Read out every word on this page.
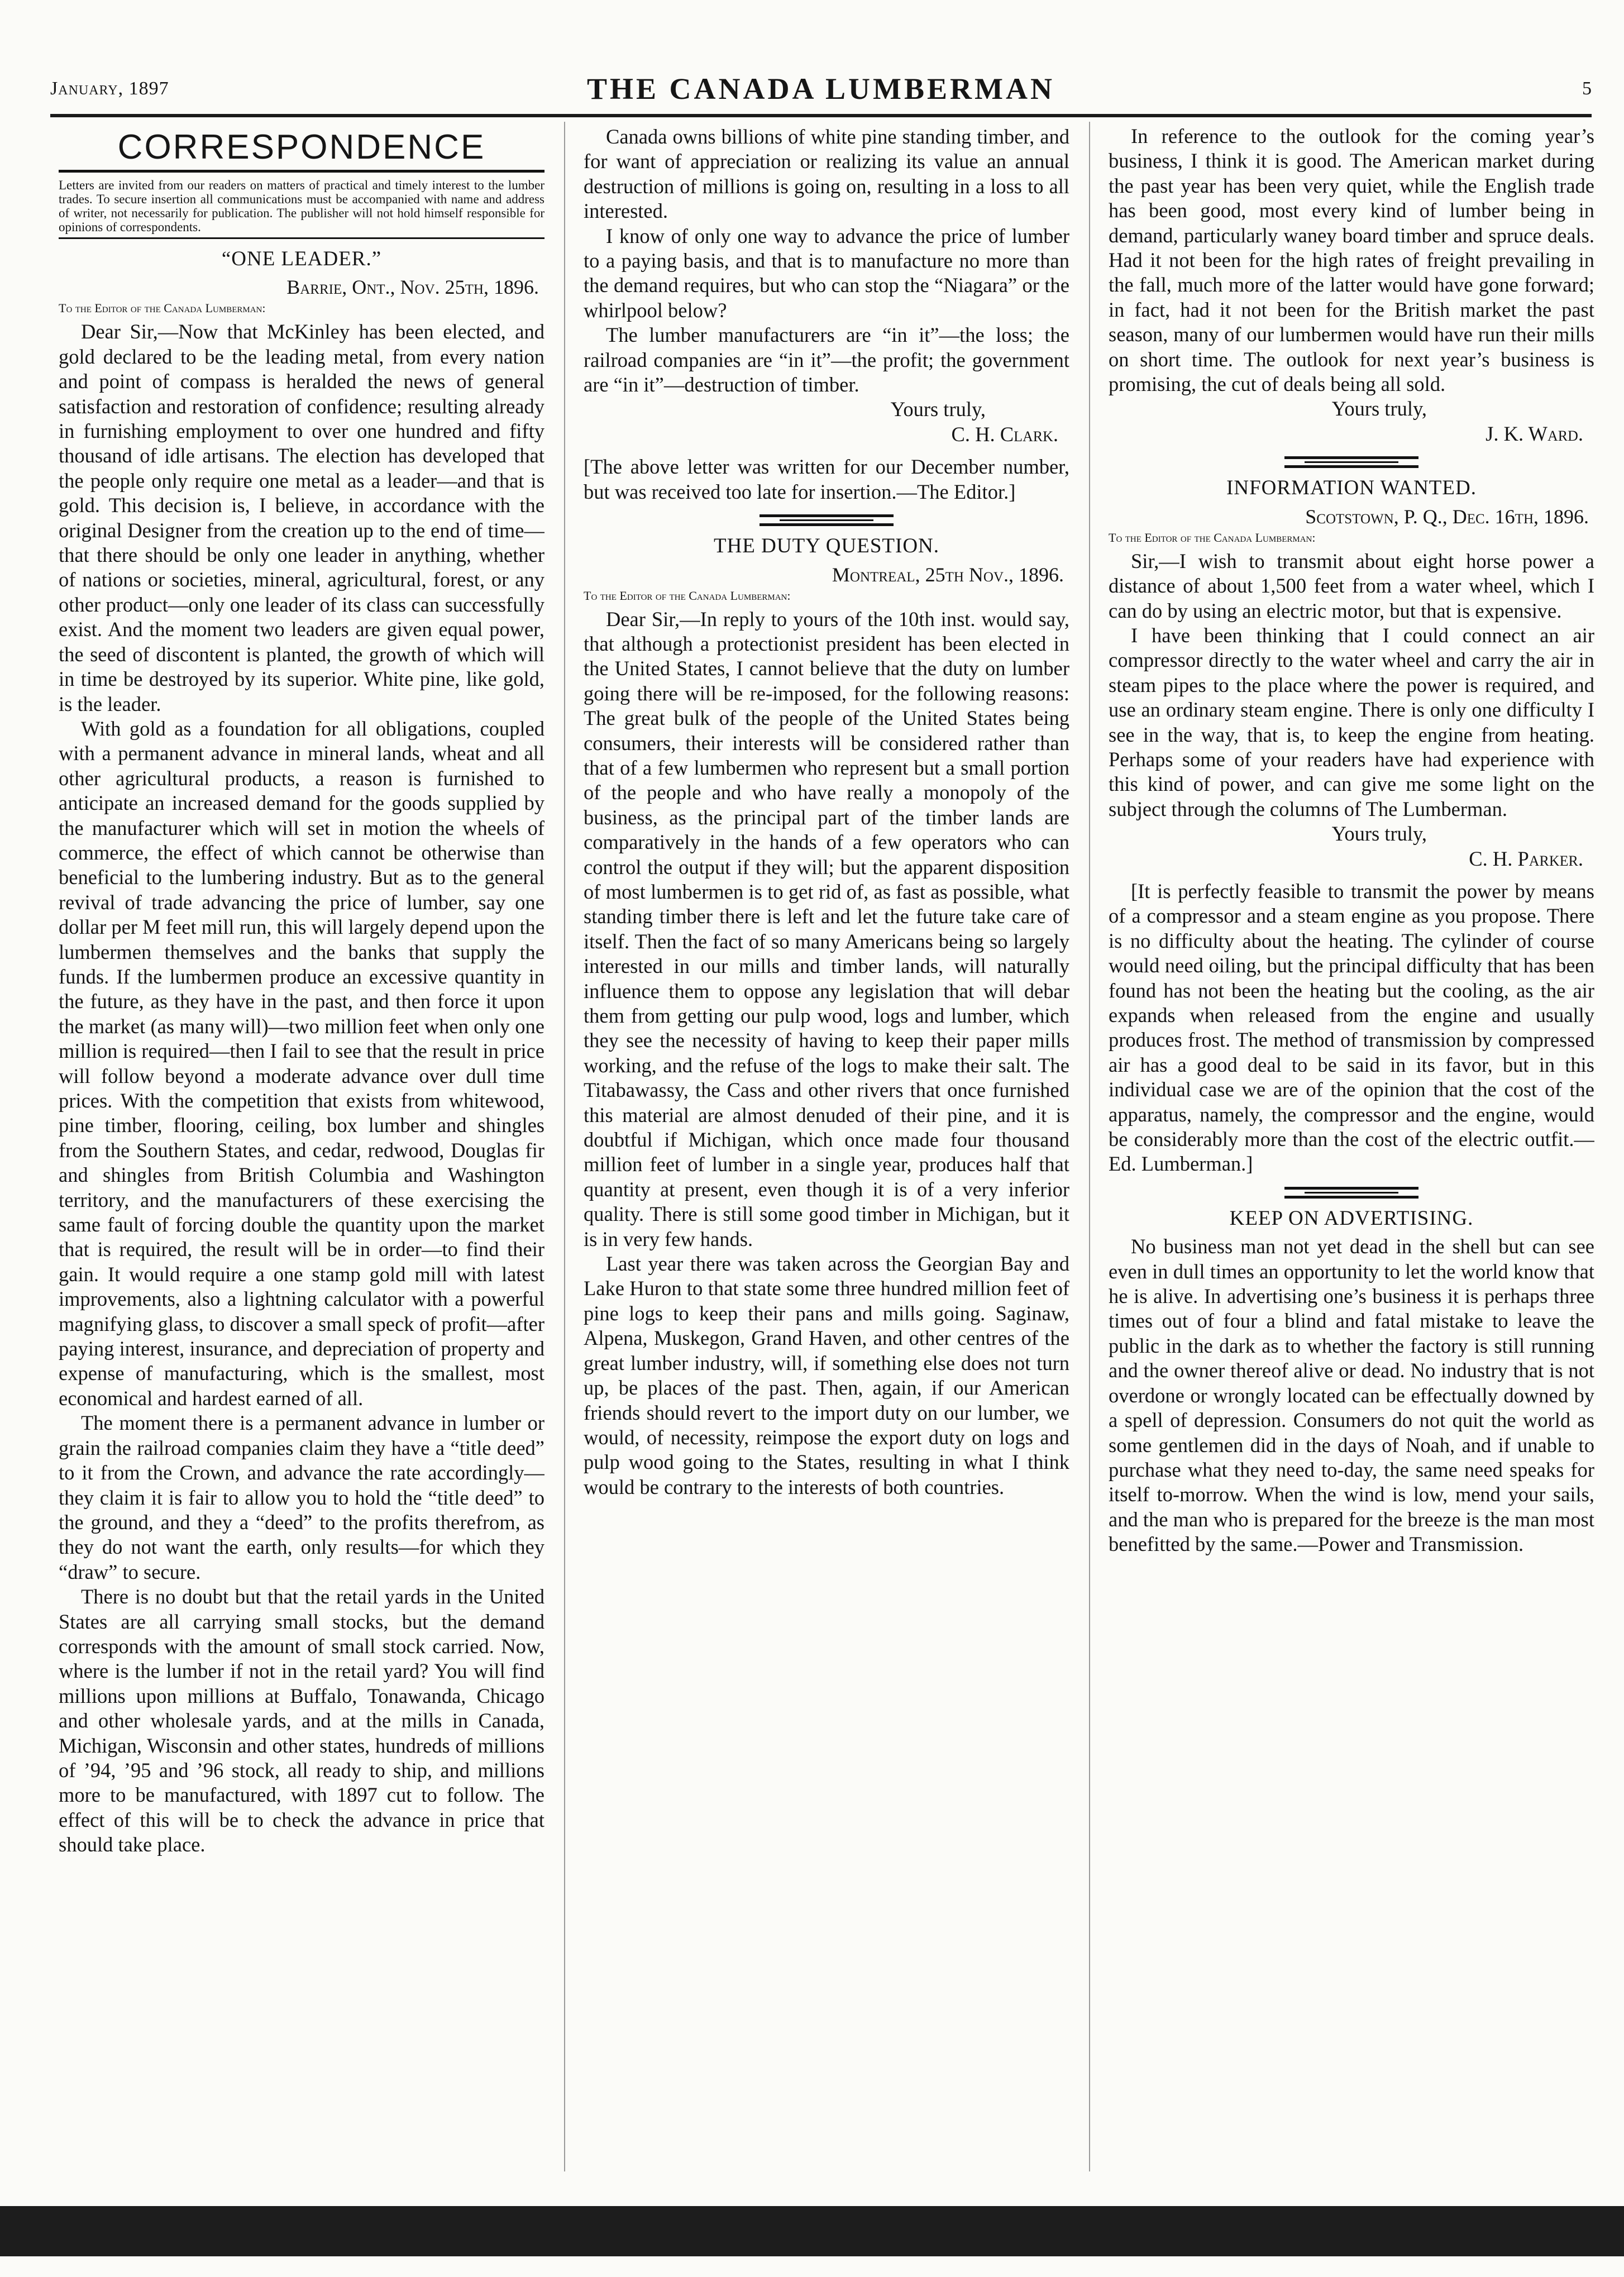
January, 1897	THE CANADA LUMBERMAN	5
CORRESPONDENCE
Letters are invited from our readers on matters of practical and timely interest to the lumber trades. To secure insertion all communications must be accompanied with name and address of writer, not necessarily for publication. The publisher will not hold himself responsible for opinions of correspondents.
“ONE LEADER.”
Barrie, Ont., Nov. 25th, 1896.
To the Editor of the Canada Lumberman:

Dear Sir,—Now that McKinley has been elected, and gold declared to be the leading metal, from every nation and point of compass is heralded the news of general satisfaction and restoration of confidence; resulting already in furnishing employment to over one hundred and fifty thousand of idle artisans. The election has developed that the people only require one metal as a leader—and that is gold. This decision is, I believe, in accordance with the original Designer from the creation up to the end of time—that there should be only one leader in anything, whether of nations or societies, mineral, agricultural, forest, or any other product—only one leader of its class can successfully exist. And the moment two leaders are given equal power, the seed of discontent is planted, the growth of which will in time be destroyed by its superior. White pine, like gold, is the leader.

With gold as a foundation for all obligations, coupled with a permanent advance in mineral lands, wheat and all other agricultural products, a reason is furnished to anticipate an increased demand for the goods supplied by the manufacturer which will set in motion the wheels of commerce, the effect of which cannot be otherwise than beneficial to the lumbering industry. But as to the general revival of trade advancing the price of lumber, say one dollar per M feet mill run, this will largely depend upon the lumbermen themselves and the banks that supply the funds. If the lumbermen produce an excessive quantity in the future, as they have in the past, and then force it upon the market (as many will)—two million feet when only one million is required—then I fail to see that the result in price will follow beyond a moderate advance over dull time prices. With the competition that exists from whitewood, pine timber, flooring, ceiling, box lumber and shingles from the Southern States, and cedar, redwood, Douglas fir and shingles from British Columbia and Washington territory, and the manufacturers of these exercising the same fault of forcing double the quantity upon the market that is required, the result will be in order—to find their gain. It would require a one stamp gold mill with latest improvements, also a lightning calculator with a powerful magnifying glass, to discover a small speck of profit—after paying interest, insurance, and depreciation of property and expense of manufacturing, which is the smallest, most economical and hardest earned of all.

The moment there is a permanent advance in lumber or grain the railroad companies claim they have a “title deed” to it from the Crown, and advance the rate accordingly—they claim it is fair to allow you to hold the “title deed” to the ground, and they a “deed” to the profits therefrom, as they do not want the earth, only results—for which they “draw” to secure.

There is no doubt but that the retail yards in the United States are all carrying small stocks, but the demand corresponds with the amount of small stock carried. Now, where is the lumber if not in the retail yard? You will find millions upon millions at Buffalo, Tonawanda, Chicago and other wholesale yards, and at the mills in Canada, Michigan, Wisconsin and other states, hundreds of millions of ’94, ’95 and ’96 stock, all ready to ship, and millions more to be manufactured, with 1897 cut to follow. The effect of this will be to check the advance in price that should take place.

Canada owns billions of white pine standing timber, and for want of appreciation or realizing its value an annual destruction of millions is going on, resulting in a loss to all interested.

I know of only one way to advance the price of lumber to a paying basis, and that is to manufacture no more than the demand requires, but who can stop the “Niagara” or the whirlpool below?

The lumber manufacturers are “in it”—the loss; the railroad companies are “in it”—the profit; the government are “in it”—destruction of timber.

Yours truly,
C. H. Clark.

[The above letter was written for our December number, but was received too late for insertion.—The Editor.]

THE DUTY QUESTION.
Montreal, 25th Nov., 1896.
To the Editor of the Canada Lumberman:

Dear Sir,—In reply to yours of the 10th inst. would say, that although a protectionist president has been elected in the United States, I cannot believe that the duty on lumber going there will be re-imposed, for the following reasons: The great bulk of the people of the United States being consumers, their interests will be considered rather than that of a few lumbermen who represent but a small portion of the people and who have really a monopoly of the business, as the principal part of the timber lands are comparatively in the hands of a few operators who can control the output if they will; but the apparent disposition of most lumbermen is to get rid of, as fast as possible, what standing timber there is left and let the future take care of itself. Then the fact of so many Americans being so largely interested in our mills and timber lands, will naturally influence them to oppose any legislation that will debar them from getting our pulp wood, logs and lumber, which they see the necessity of having to keep their paper mills working, and the refuse of the logs to make their salt. The Titabawassy, the Cass and other rivers that once furnished this material are almost denuded of their pine, and it is doubtful if Michigan, which once made four thousand million feet of lumber in a single year, produces half that quantity at present, even though it is of a very inferior quality. There is still some good timber in Michigan, but it is in very few hands.

Last year there was taken across the Georgian Bay and Lake Huron to that state some three hundred million feet of pine logs to keep their pans and mills going. Saginaw, Alpena, Muskegon, Grand Haven, and other centres of the great lumber industry, will, if something else does not turn up, be places of the past. Then, again, if our American friends should revert to the import duty on our lumber, we would, of necessity, reimpose the export duty on logs and pulp wood going to the States, resulting in what I think would be contrary to the interests of both countries.

In reference to the outlook for the coming year’s business, I think it is good. The American market during the past year has been very quiet, while the English trade has been good, most every kind of lumber being in demand, particularly waney board timber and spruce deals. Had it not been for the high rates of freight prevailing in the fall, much more of the latter would have gone forward; in fact, had it not been for the British market the past season, many of our lumbermen would have run their mills on short time. The outlook for next year’s business is promising, the cut of deals being all sold.

Yours truly,
J. K. Ward.
INFORMATION WANTED.
Scotstown, P. Q., Dec. 16th, 1896.
To the Editor of the Canada Lumberman:

Sir,—I wish to transmit about eight horse power a distance of about 1,500 feet from a water wheel, which I can do by using an electric motor, but that is expensive.

I have been thinking that I could connect an air compressor directly to the water wheel and carry the air in steam pipes to the place where the power is required, and use an ordinary steam engine. There is only one difficulty I see in the way, that is, to keep the engine from heating. Perhaps some of your readers have had experience with this kind of power, and can give me some light on the subject through the columns of The Lumberman.

Yours truly,
C. H. Parker.

[It is perfectly feasible to transmit the power by means of a compressor and a steam engine as you propose. There is no difficulty about the heating. The cylinder of course would need oiling, but the principal difficulty that has been found has not been the heating but the cooling, as the air expands when released from the engine and usually produces frost. The method of transmission by compressed air has a good deal to be said in its favor, but in this individual case we are of the opinion that the cost of the apparatus, namely, the compressor and the engine, would be considerably more than the cost of the electric outfit.—Ed. Lumberman.]

KEEP ON ADVERTISING.

No business man not yet dead in the shell but can see even in dull times an opportunity to let the world know that he is alive. In advertising one’s business it is perhaps three times out of four a blind and fatal mistake to leave the public in the dark as to whether the factory is still running and the owner thereof alive or dead. No industry that is not overdone or wrongly located can be effectually downed by a spell of depression. Consumers do not quit the world as some gentlemen did in the days of Noah, and if unable to purchase what they need to-day, the same need speaks for itself to-morrow. When the wind is low, mend your sails, and the man who is prepared for the breeze is the man most benefitted by the same.—Power and Transmission.
